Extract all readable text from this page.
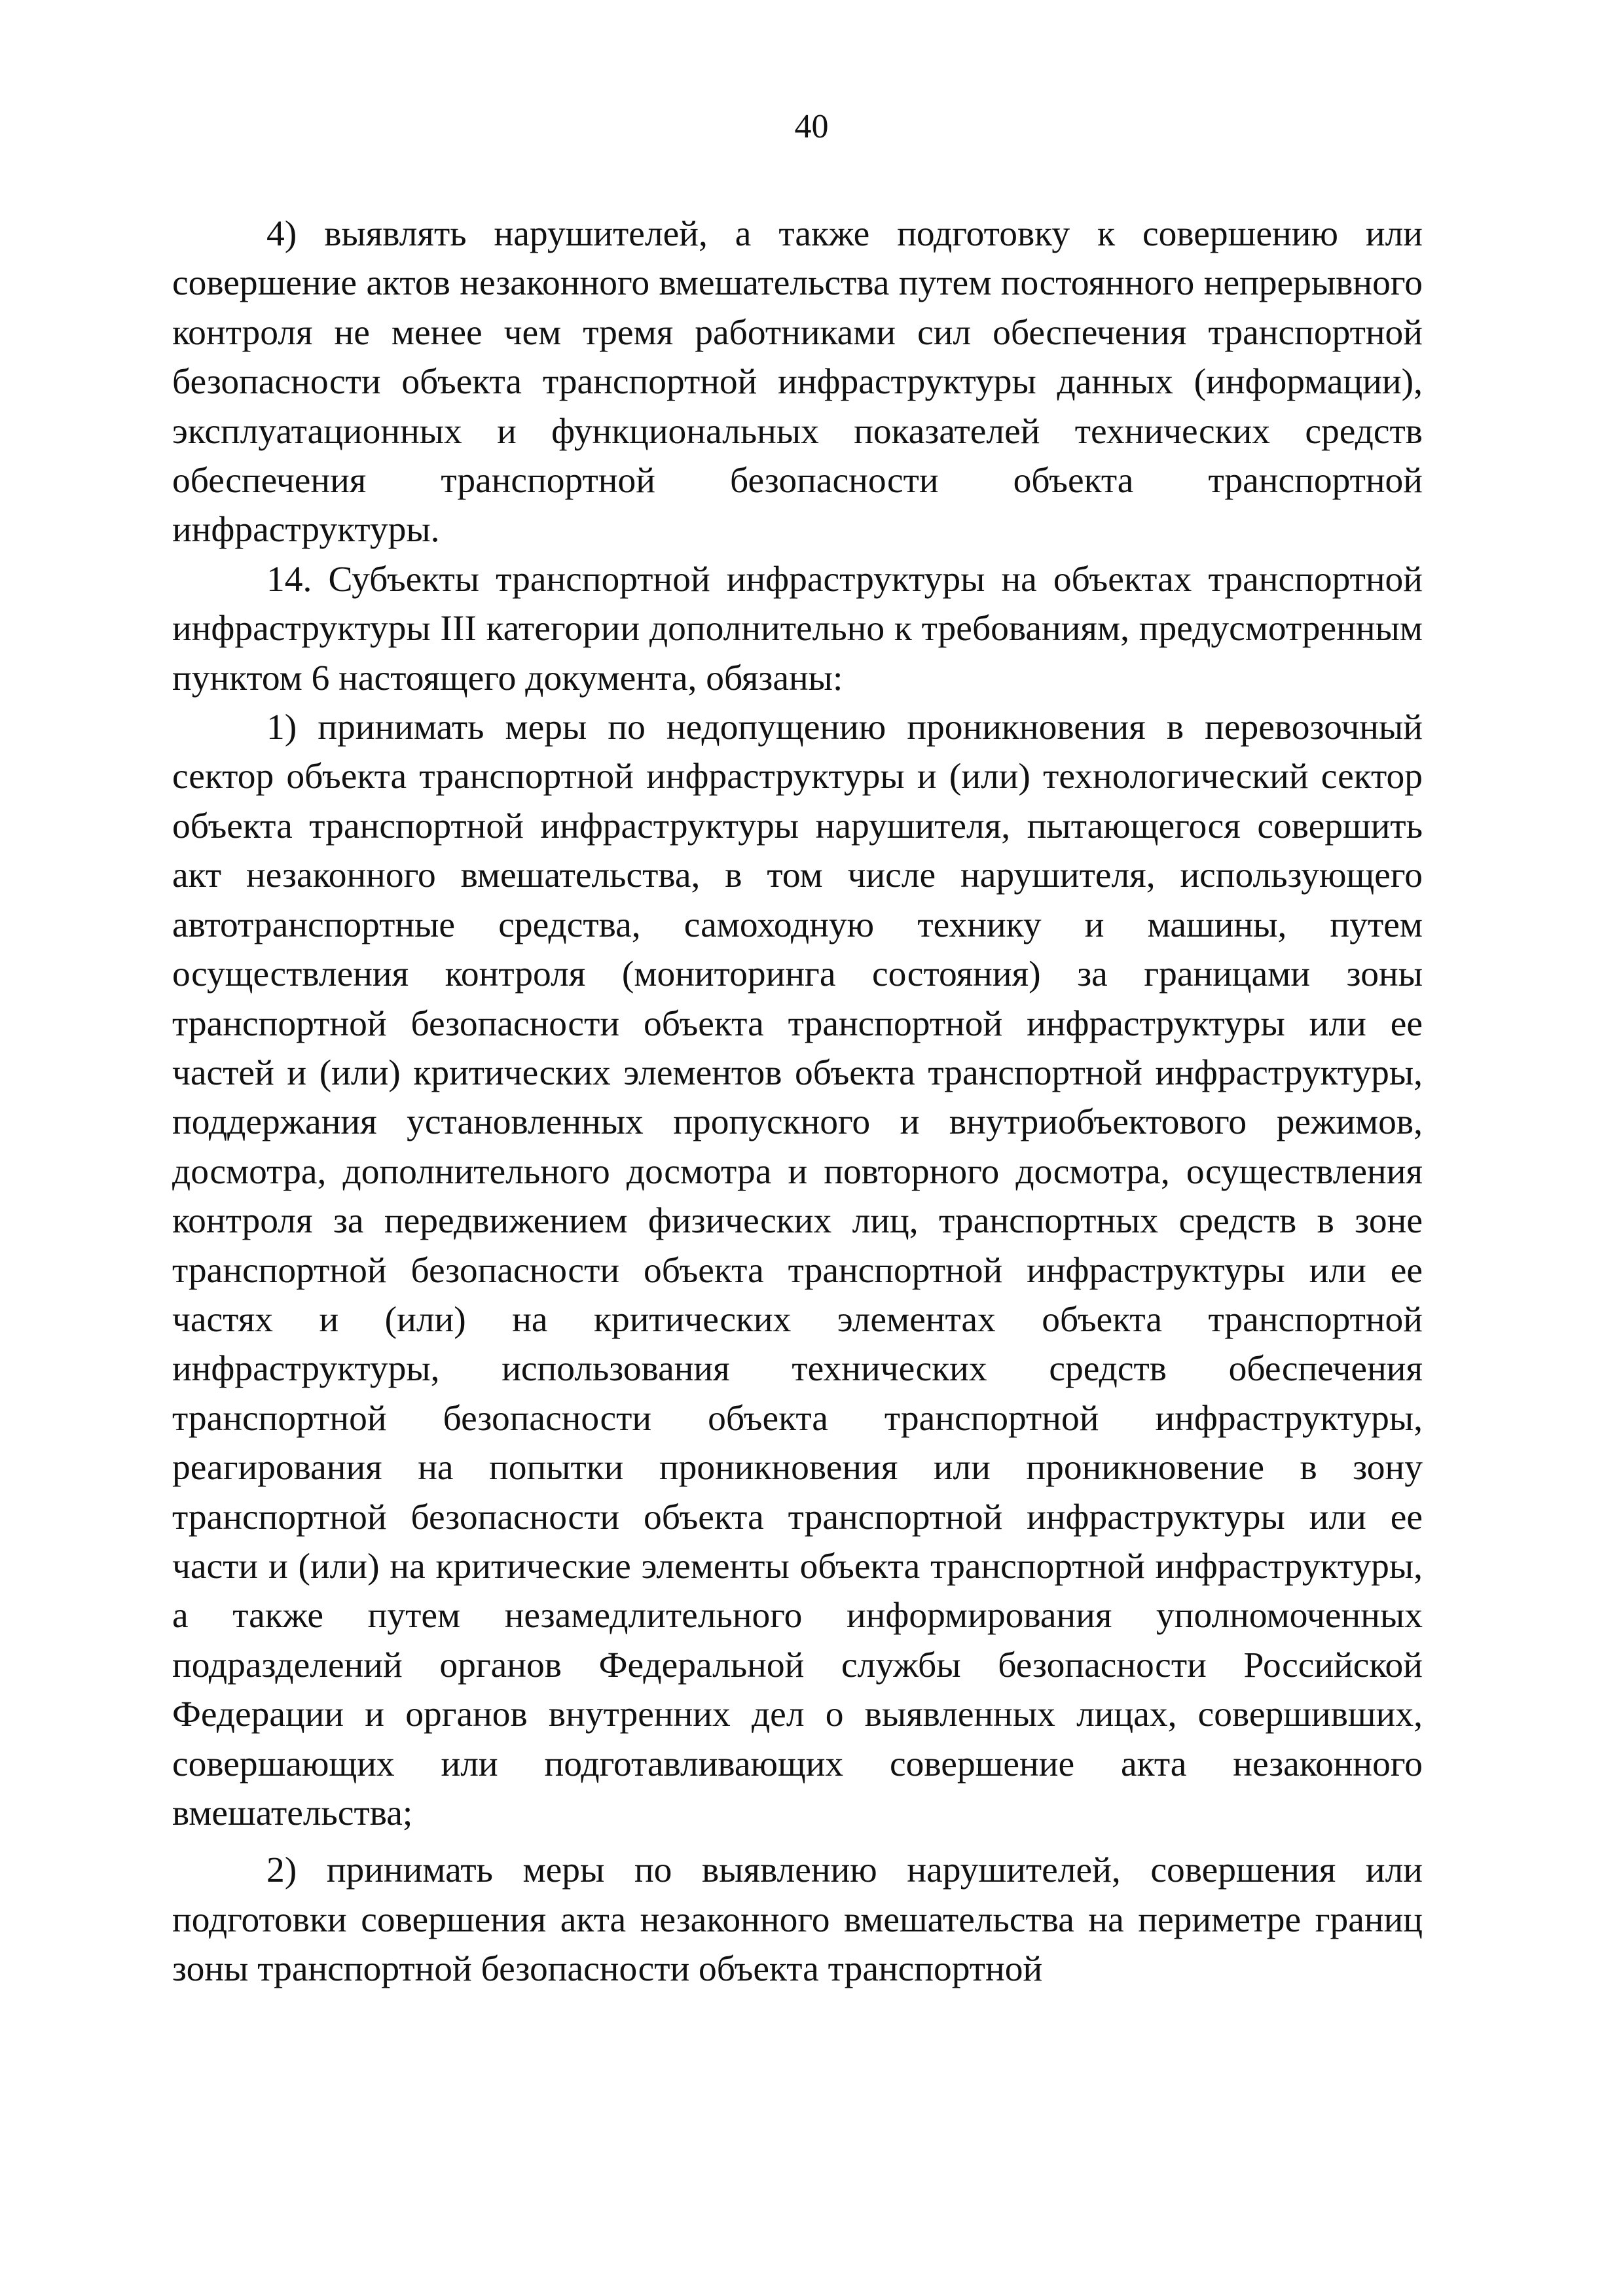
40

4) выявлять нарушителей, а также подготовку к совершению или совершение актов незаконного вмешательства путем постоянного непрерывного контроля не менее чем тремя работниками сил обеспечения транспортной безопасности объекта транспортной инфраструктуры данных (информации), эксплуатационных и функциональных показателей технических средств обеспечения транспортной безопасности объекта транспортной инфраструктуры.

14. Субъекты транспортной инфраструктуры на объектах транспортной инфраструктуры III категории дополнительно к требованиям, предусмотренным пунктом 6 настоящего документа, обязаны:

1) принимать меры по недопущению проникновения в перевозочный сектор объекта транспортной инфраструктуры и (или) технологический сектор объекта транспортной инфраструктуры нарушителя, пытающегося совершить акт незаконного вмешательства, в том числе нарушителя, использующего автотранспортные средства, самоходную технику и машины, путем осуществления контроля (мониторинга состояния) за границами зоны транспортной безопасности объекта транспортной инфраструктуры или ее частей и (или) критических элементов объекта транспортной инфраструктуры, поддержания установленных пропускного и внутриобъектового режимов, досмотра, дополнительного досмотра и повторного досмотра, осуществления контроля за передвижением физических лиц, транспортных средств в зоне транспортной безопасности объекта транспортной инфраструктуры или ее частях и (или) на критических элементах объекта транспортной инфраструктуры, использования технических средств обеспечения транспортной безопасности объекта транспортной инфраструктуры, реагирования на попытки проникновения или проникновение в зону транспортной безопасности объекта транспортной инфраструктуры или ее части и (или) на критические элементы объекта транспортной инфраструктуры, а также путем незамедлительного информирования уполномоченных подразделений органов Федеральной службы безопасности Российской Федерации и органов внутренних дел о выявленных лицах, совершивших, совершающих или подготавливающих совершение акта незаконного вмешательства;

2) принимать меры по выявлению нарушителей, совершения или подготовки совершения акта незаконного вмешательства на периметре границ зоны транспортной безопасности объекта транспортной
